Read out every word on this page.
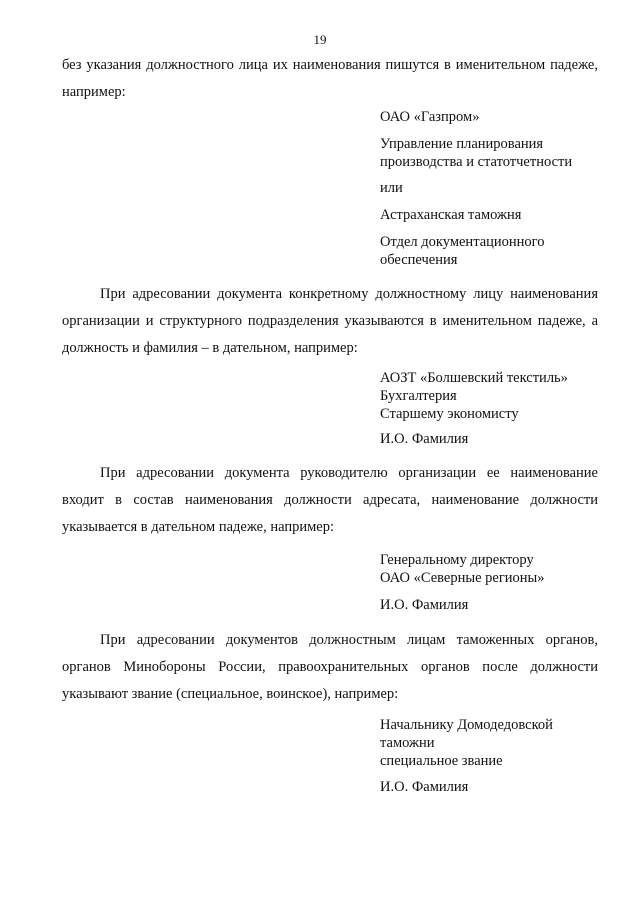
19

без указания должностного лица их наименования пишутся в именительном падеже, например:

ОАО «Газпром»
Управление планирования
производства и статотчетности
или
Астраханская таможня
Отдел документационного
обеспечения

При адресовании документа конкретному должностному лицу наименования организации и структурного подразделения указываются в именительном падеже, а должность и фамилия – в дательном, например:

АОЗТ «Болшевский текстиль»
Бухгалтерия
Старшему экономисту
И.О. Фамилия

При адресовании документа руководителю организации ее наименование входит в состав наименования должности адресата, наименование должности указывается в дательном падеже, например:

Генеральному директору
ОАО «Северные регионы»
И.О. Фамилия

При адресовании документов должностным лицам таможенных органов, органов Минобороны России, правоохранительных органов после должности указывают звание (специальное, воинское), например:

Начальнику Домодедовской
таможни
специальное звание
И.О. Фамилия
